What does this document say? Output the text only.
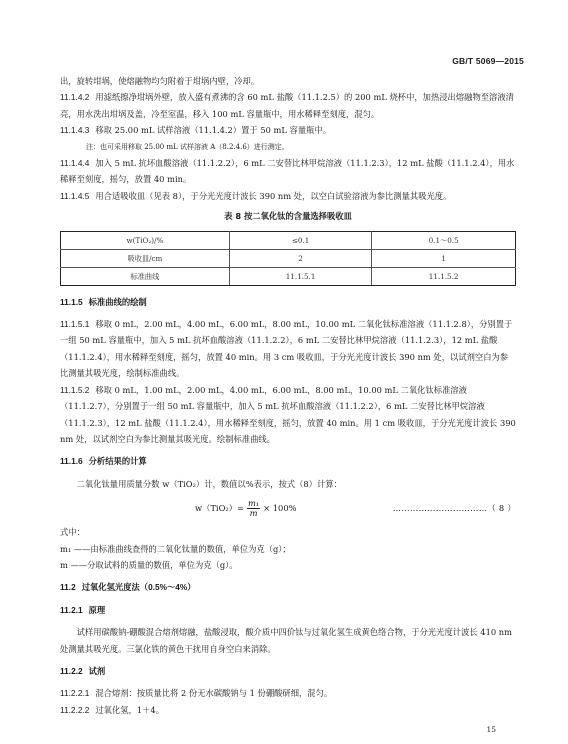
GB/T 5069—2015

出，旋转坩埚，使熔融物均匀附着于坩埚内壁，冷却。

11.1.4.2 用滤纸擦净坩埚外壁，放入盛有煮沸的含 60 mL 盐酸（11.1.2.5）的 200 mL 烧杯中，加热浸出熔融物至溶液清亮，用水洗出坩埚及盖，冷至室温，移入 100 mL 容量瓶中，用水稀释至刻度，混匀。

11.1.4.3 移取 25.00 mL 试样溶液（11.1.4.2）置于 50 mL 容量瓶中。

注：也可采用移取 25.00 mL 试样溶液 A（8.2.4.6）进行测定。

11.1.4.4 加入 5 mL 抗坏血酸溶液（11.1.2.2），6 mL 二安替比林甲烷溶液（11.1.2.3），12 mL 盐酸（11.1.2.4），用水稀释至刻度，摇匀，放置 40 min。

11.1.4.5 用合适吸收皿（见表 8），于分光光度计波长 390 nm 处，以空白试验溶液为参比测量其吸光度。

表 8 按二氧化钛的含量选择吸收皿
w(TiO₂)/%	≤0.1	0.1～0.5
吸收皿/cm	2	1
标准曲线	11.1.5.1	11.1.5.2

11.1.5 标准曲线的绘制

11.1.5.1 移取 0 mL，2.00 mL，4.00 mL，6.00 mL，8.00 mL，10.00 mL 二氧化钛标准溶液（11.1.2.8），分别置于一组 50 mL 容量瓶中，加入 5 mL 抗坏血酸溶液（11.1.2.2），6 mL 二安替比林甲烷溶液（11.1.2.3），12 mL 盐酸（11.1.2.4），用水稀释至刻度，摇匀，放置 40 min。用 3 cm 吸收皿，于分光光度计波长 390 nm 处，以试剂空白为参比测量其吸光度，绘制标准曲线。

11.1.5.2 移取 0 mL，1.00 mL，2.00 mL，4.00 mL，6.00 mL，8.00 mL，10.00 mL 二氧化钛标准溶液（11.1.2.7），分别置于一组 50 mL 容量瓶中，加入 5 mL 抗坏血酸溶液（11.1.2.2），6 mL 二安替比林甲烷溶液（11.1.2.3），12 mL 盐酸（11.1.2.4），用水稀释至刻度，摇匀，放置 40 min。用 1 cm 吸收皿，于分光光度计波长 390 nm 处，以试剂空白为参比测量其吸光度。绘制标准曲线。

11.1.6 分析结果的计算

二氧化钛量用质量分数 w（TiO₂）计，数值以%表示，按式（8）计算：

$w(TiO_2)= \frac{\text{m₁}}{m} \times 100\%$	……………………………（ 8 ）

式中：

m₁ ——由标准曲线查得的二氧化钛量的数值，单位为克（g）；

m ——分取试料的质量的数值，单位为克（g）。

11.2 过氧化氢光度法（0.5%～4%）

11.2.1 原理

试样用碳酸钠-硼酸混合熔剂熔融，盐酸浸取，酸介质中四价钛与过氧化氢生成黄色络合物，于分光光度计波长 410 nm 处测量其吸光度。三氯化铁的黄色干扰用自身空白来消除。

11.2.2 试剂

11.2.2.1 混合熔剂：按质量比将 2 份无水碳酸钠与 1 份硼酸研细，混匀。

11.2.2.2 过氧化氢，1＋4。

15
